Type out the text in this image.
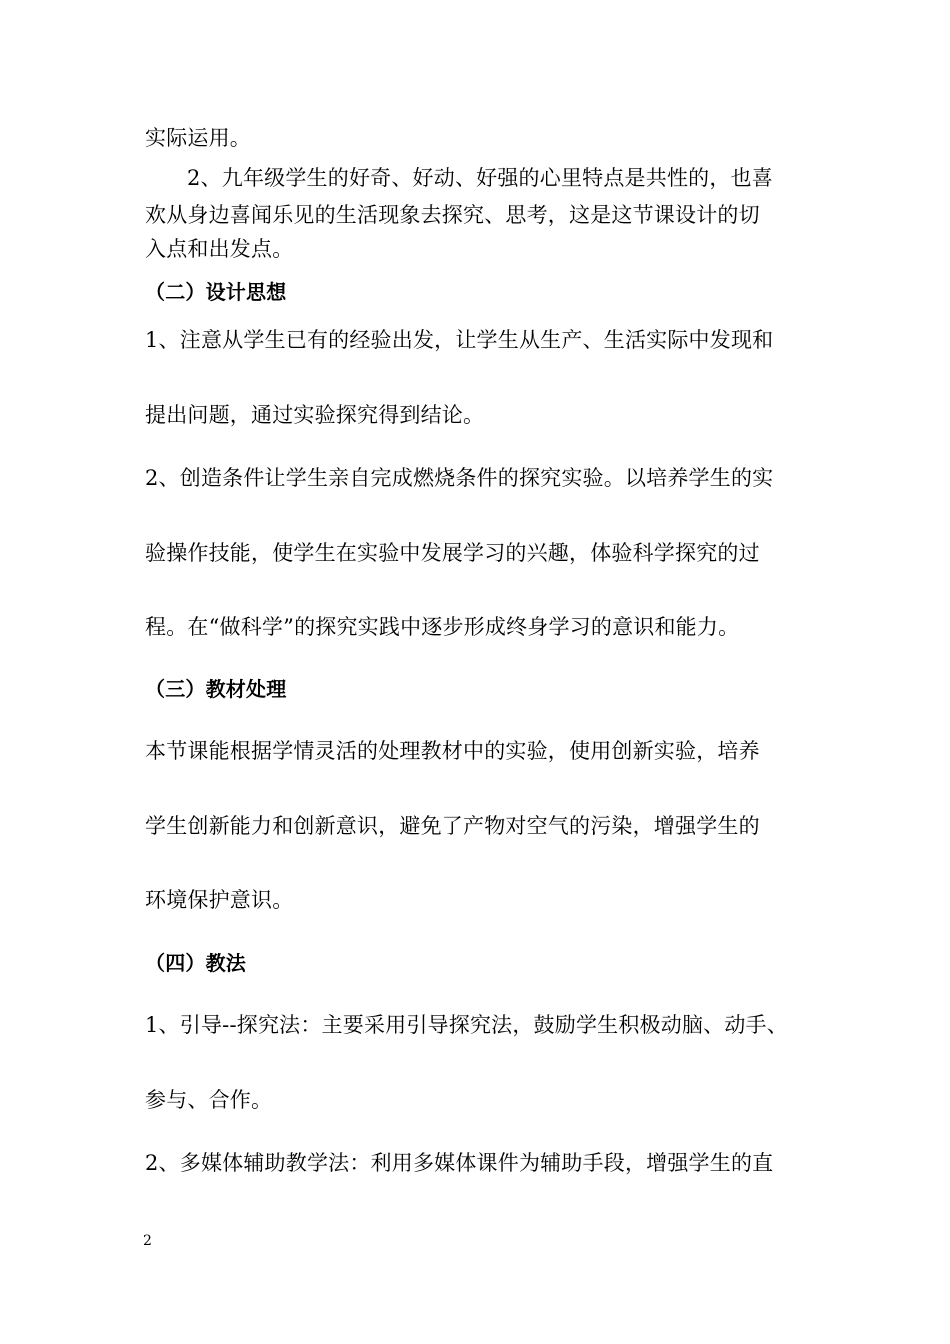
实际运用。
2、九年级学生的好奇、好动、好强的心里特点是共性的，也喜
欢从身边喜闻乐见的生活现象去探究、思考，这是这节课设计的切
入点和出发点。
（二）设计思想
1、注意从学生已有的经验出发，让学生从生产、生活实际中发现和
提出问题，通过实验探究得到结论。
2、创造条件让学生亲自完成燃烧条件的探究实验。以培养学生的实
验操作技能，使学生在实验中发展学习的兴趣，体验科学探究的过
程。在“做科学”的探究实践中逐步形成终身学习的意识和能力。
（三）教材处理
本节课能根据学情灵活的处理教材中的实验，使用创新实验，培养
学生创新能力和创新意识，避免了产物对空气的污染，增强学生的
环境保护意识。
（四）教法
1、引导--探究法：主要采用引导探究法，鼓励学生积极动脑、动手、
参与、合作。
2、多媒体辅助教学法：利用多媒体课件为辅助手段，增强学生的直
2
